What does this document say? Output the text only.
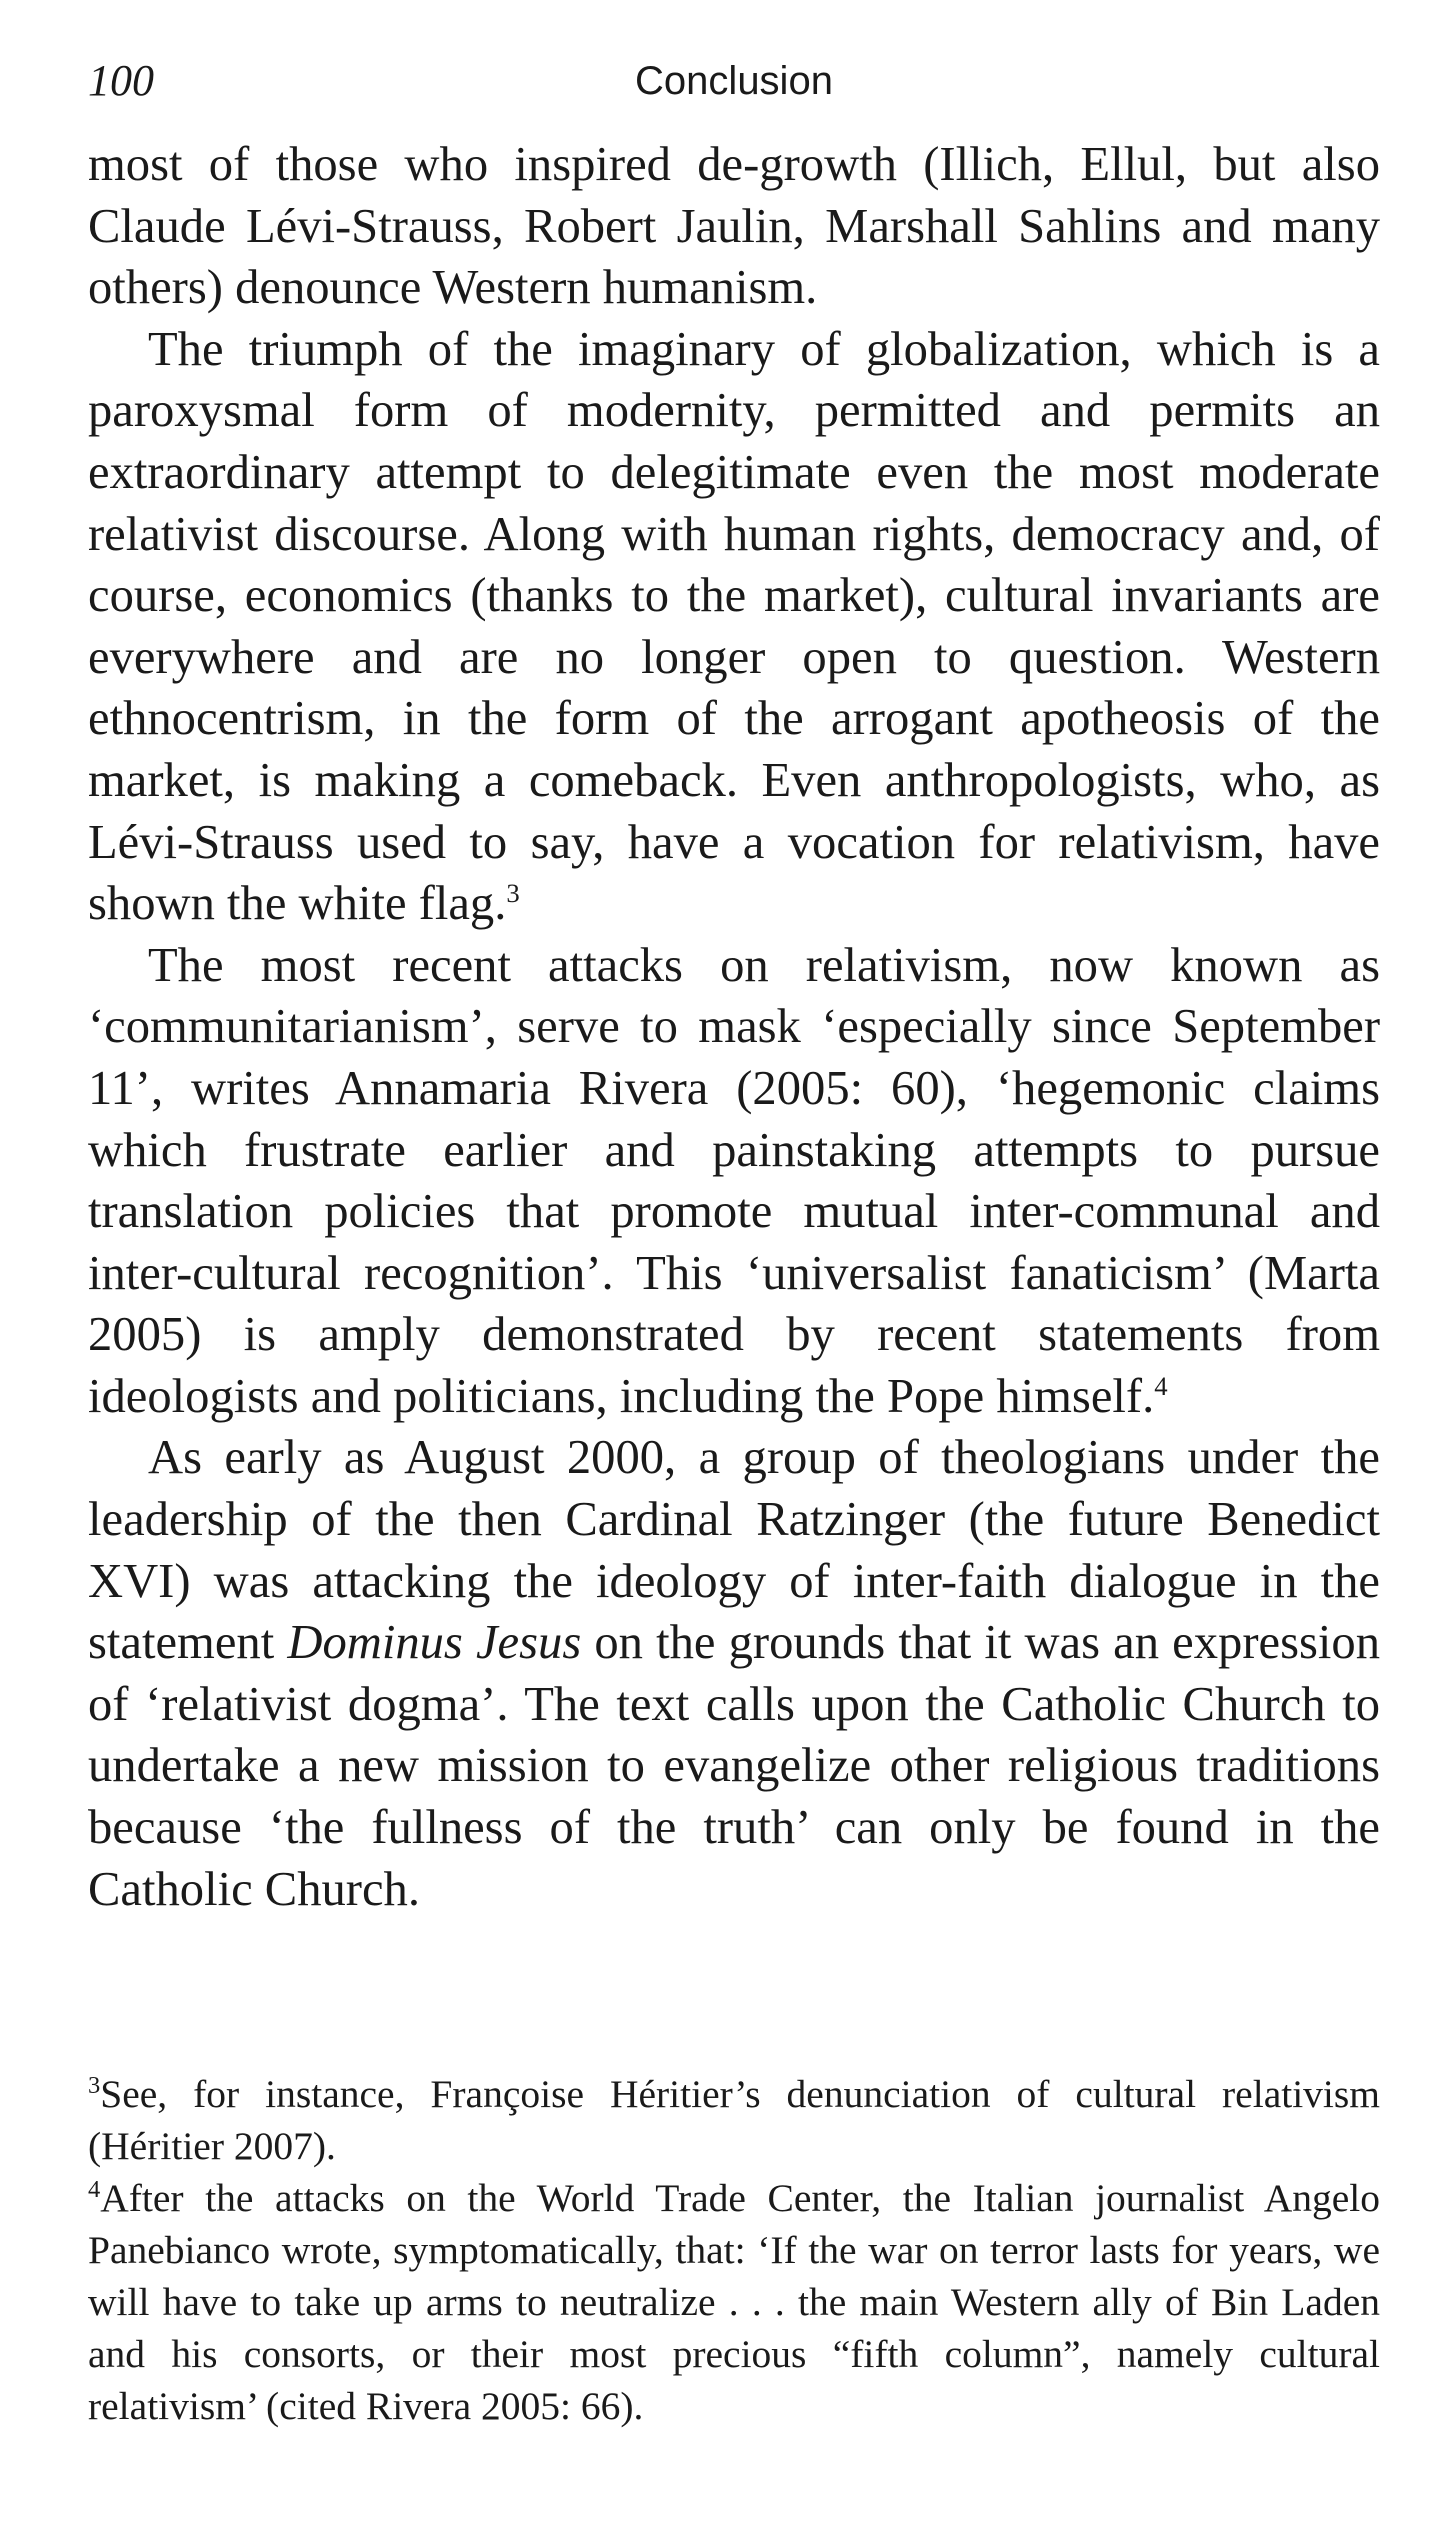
100	Conclusion

most of those who inspired de-growth (Illich, Ellul, but also Claude Lévi-Strauss, Robert Jaulin, Marshall Sahlins and many others) denounce Western humanism.

The triumph of the imaginary of globalization, which is a paroxysmal form of modernity, permitted and permits an extraordinary attempt to delegitimate even the most moderate relativist discourse. Along with human rights, democracy and, of course, economics (thanks to the market), cultural invariants are everywhere and are no longer open to question. Western ethnocentrism, in the form of the arrogant apotheosis of the market, is making a comeback. Even anthropologists, who, as Lévi-Strauss used to say, have a vocation for relativism, have shown the white flag.$^3$

The most recent attacks on relativism, now known as ‘communitarianism’, serve to mask ‘especially since September 11’, writes Annamaria Rivera (2005: 60), ‘hegemonic claims which frustrate earlier and painstaking attempts to pursue translation policies that promote mutual inter-communal and inter-cultural recognition’. This ‘universalist fanaticism’ (Marta 2005) is amply demonstrated by recent statements from ideologists and politicians, including the Pope himself.$^4$

As early as August 2000, a group of theologians under the leadership of the then Cardinal Ratzinger (the future Benedict XVI) was attacking the ideology of inter-faith dialogue in the statement Dominus Jesus on the grounds that it was an expression of ‘relativist dogma’. The text calls upon the Catholic Church to undertake a new mission to evangelize other religious traditions because ‘the fullness of the truth’ can only be found in the Catholic Church.

$^3$See, for instance, Françoise Héritier’s denunciation of cultural relativism (Héritier 2007).

$^4$After the attacks on the World Trade Center, the Italian journalist Angelo Panebianco wrote, symptomatically, that: ‘If the war on terror lasts for years, we will have to take up arms to neutralize . . . the main Western ally of Bin Laden and his consorts, or their most precious “fifth column”, namely cultural relativism’ (cited Rivera 2005: 66).
